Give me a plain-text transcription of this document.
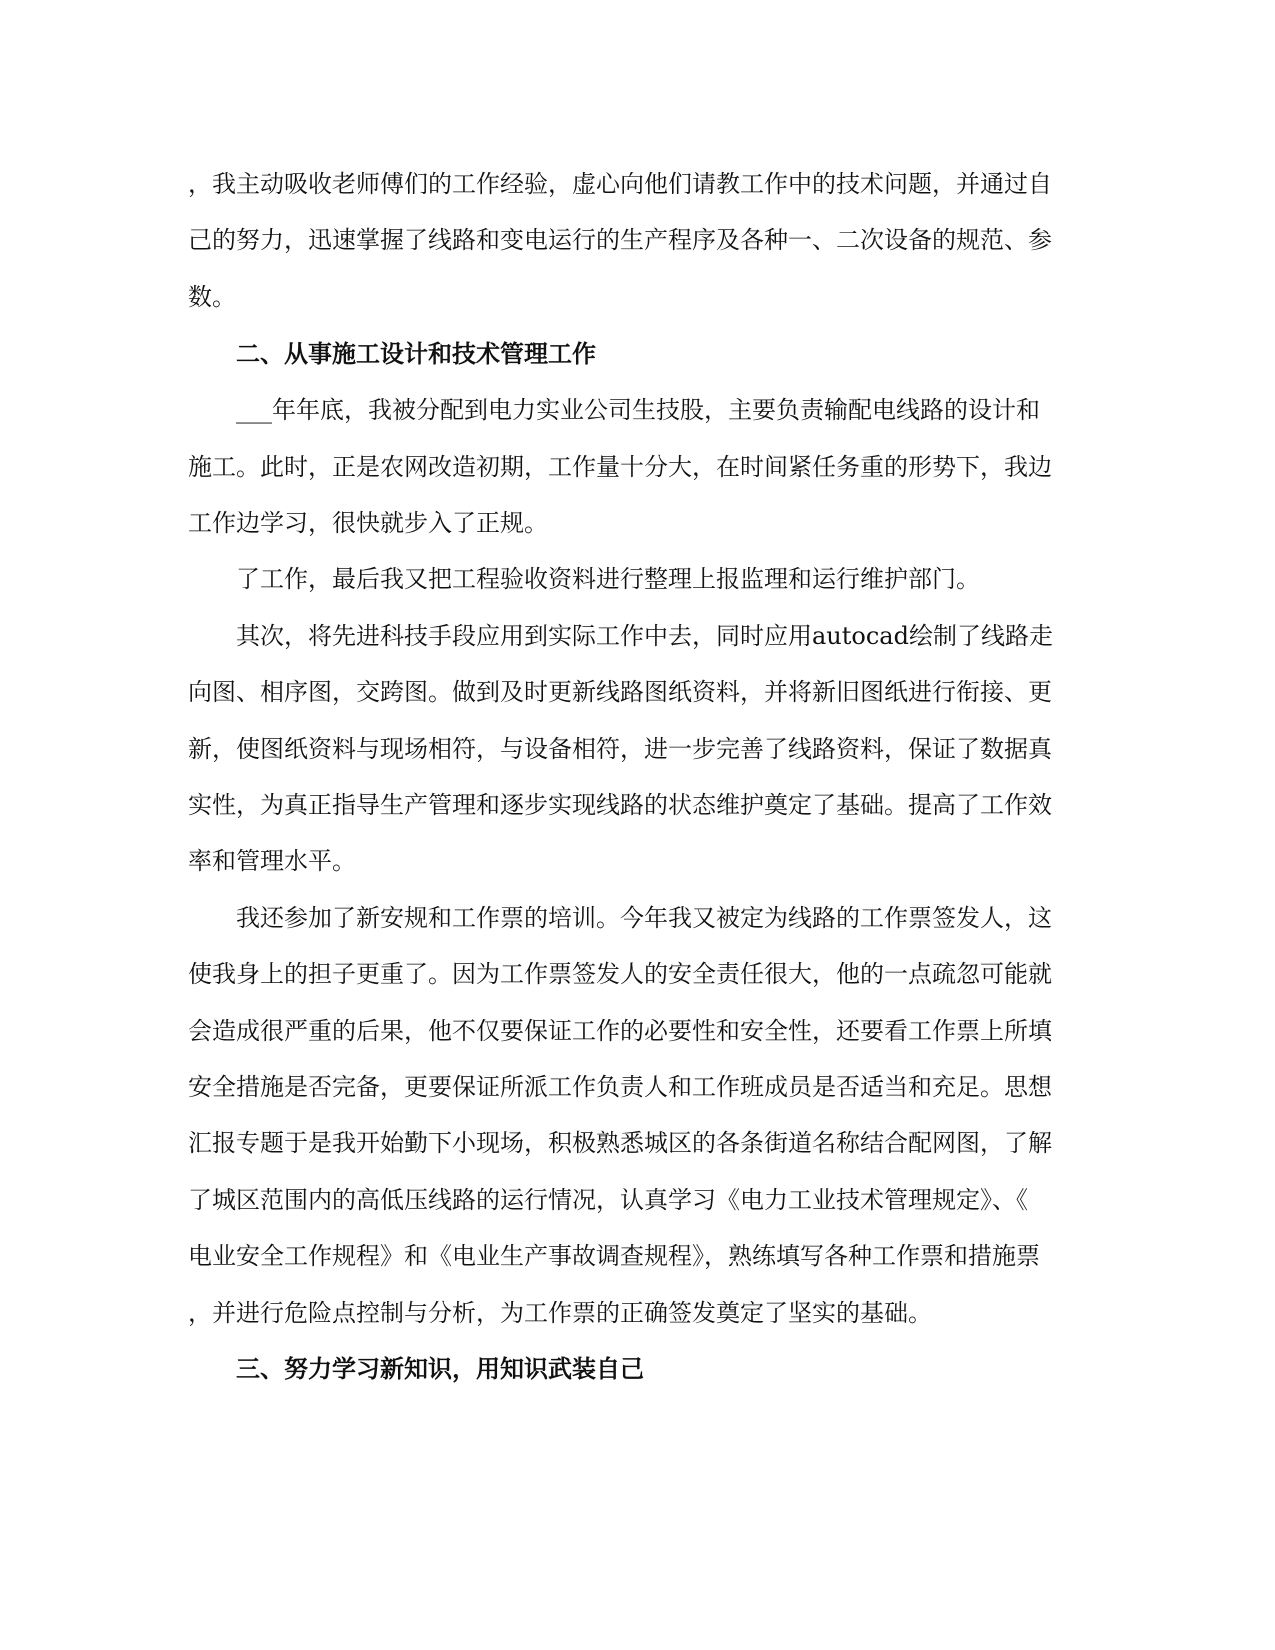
，我主动吸收老师傅们的工作经验，虚心向他们请教工作中的技术问题，并通过自
己的努力，迅速掌握了线路和变电运行的生产程序及各种一、二次设备的规范、参
数。
二、从事施工设计和技术管理工作
___年年底，我被分配到电力实业公司生技股，主要负责输配电线路的设计和
施工。此时，正是农网改造初期，工作量十分大，在时间紧任务重的形势下，我边
工作边学习，很快就步入了正规。
了工作，最后我又把工程验收资料进行整理上报监理和运行维护部门。
其次，将先进科技手段应用到实际工作中去，同时应用autocad绘制了线路走
向图、相序图，交跨图。做到及时更新线路图纸资料，并将新旧图纸进行衔接、更
新，使图纸资料与现场相符，与设备相符，进一步完善了线路资料，保证了数据真
实性，为真正指导生产管理和逐步实现线路的状态维护奠定了基础。提高了工作效
率和管理水平。
我还参加了新安规和工作票的培训。今年我又被定为线路的工作票签发人，这
使我身上的担子更重了。因为工作票签发人的安全责任很大，他的一点疏忽可能就
会造成很严重的后果，他不仅要保证工作的必要性和安全性，还要看工作票上所填
安全措施是否完备，更要保证所派工作负责人和工作班成员是否适当和充足。思想
汇报专题于是我开始勤下小现场，积极熟悉城区的各条街道名称结合配网图，了解
了城区范围内的高低压线路的运行情况，认真学习《电力工业技术管理规定》、《
电业安全工作规程》和《电业生产事故调查规程》，熟练填写各种工作票和措施票
，并进行危险点控制与分析，为工作票的正确签发奠定了坚实的基础。
三、努力学习新知识，用知识武装自己
